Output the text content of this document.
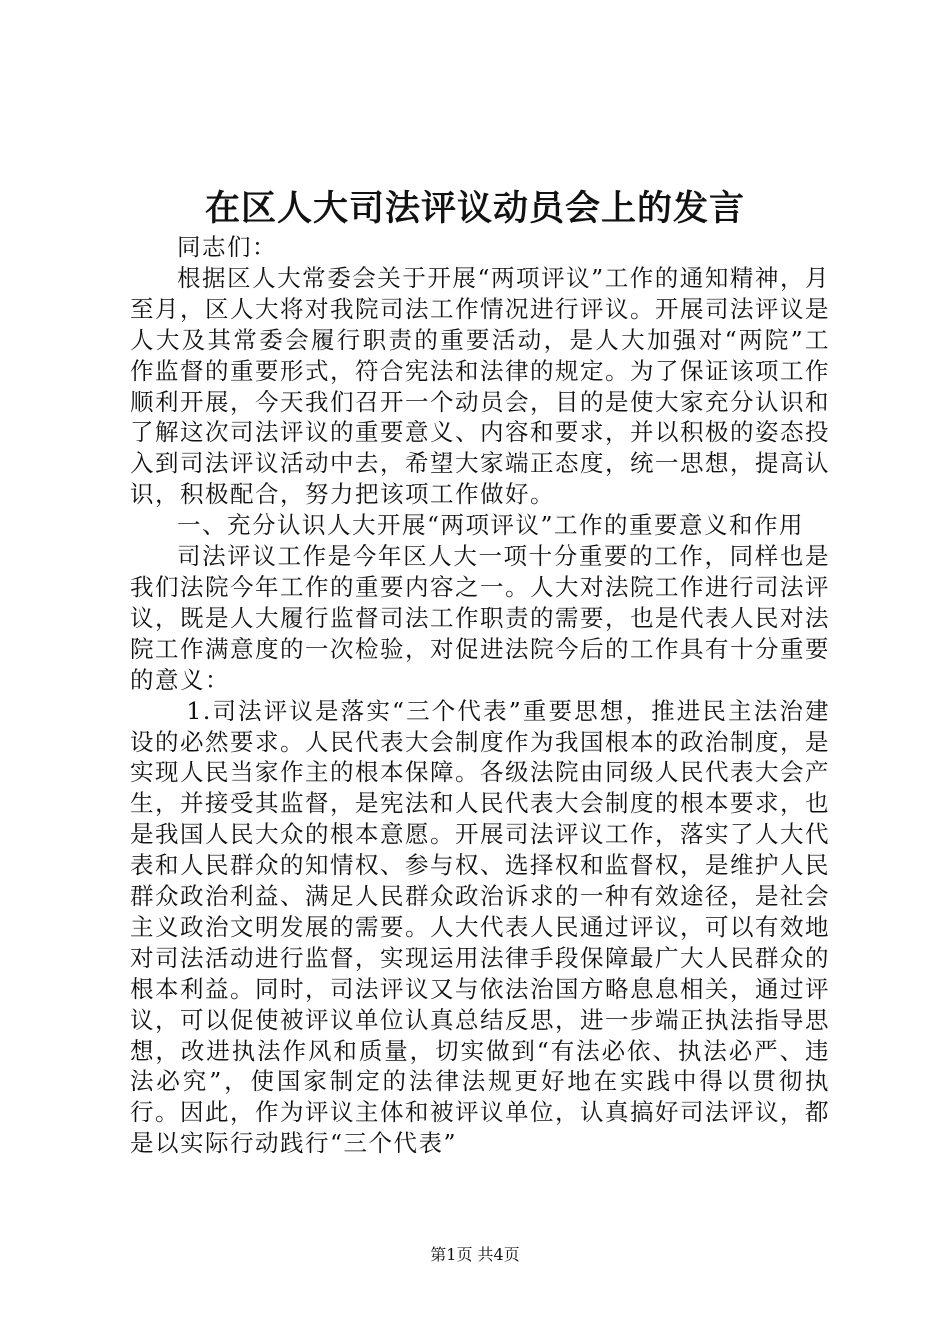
在区人大司法评议动员会上的发言

同志们：

根据区人大常委会关于开展“两项评议”工作的通知精神，月至月，区人大将对我院司法工作情况进行评议。开展司法评议是人大及其常委会履行职责的重要活动，是人大加强对“两院”工作监督的重要形式，符合宪法和法律的规定。为了保证该项工作顺利开展，今天我们召开一个动员会，目的是使大家充分认识和了解这次司法评议的重要意义、内容和要求，并以积极的姿态投入到司法评议活动中去，希望大家端正态度，统一思想，提高认识，积极配合，努力把该项工作做好。

一、充分认识人大开展“两项评议”工作的重要意义和作用

司法评议工作是今年区人大一项十分重要的工作，同样也是我们法院今年工作的重要内容之一。人大对法院工作进行司法评议，既是人大履行监督司法工作职责的需要，也是代表人民对法院工作满意度的一次检验，对促进法院今后的工作具有十分重要的意义：

1.司法评议是落实“三个代表”重要思想，推进民主法治建设的必然要求。人民代表大会制度作为我国根本的政治制度，是实现人民当家作主的根本保障。各级法院由同级人民代表大会产生，并接受其监督，是宪法和人民代表大会制度的根本要求，也是我国人民大众的根本意愿。开展司法评议工作，落实了人大代表和人民群众的知情权、参与权、选择权和监督权，是维护人民群众政治利益、满足人民群众政治诉求的一种有效途径，是社会主义政治文明发展的需要。人大代表人民通过评议，可以有效地对司法活动进行监督，实现运用法律手段保障最广大人民群众的根本利益。同时，司法评议又与依法治国方略息息相关，通过评议，可以促使被评议单位认真总结反思，进一步端正执法指导思想，改进执法作风和质量，切实做到“有法必依、执法必严、违法必究”，使国家制定的法律法规更好地在实践中得以贯彻执行。因此，作为评议主体和被评议单位，认真搞好司法评议，都是以实际行动践行“三个代表”

第1页 共4页
